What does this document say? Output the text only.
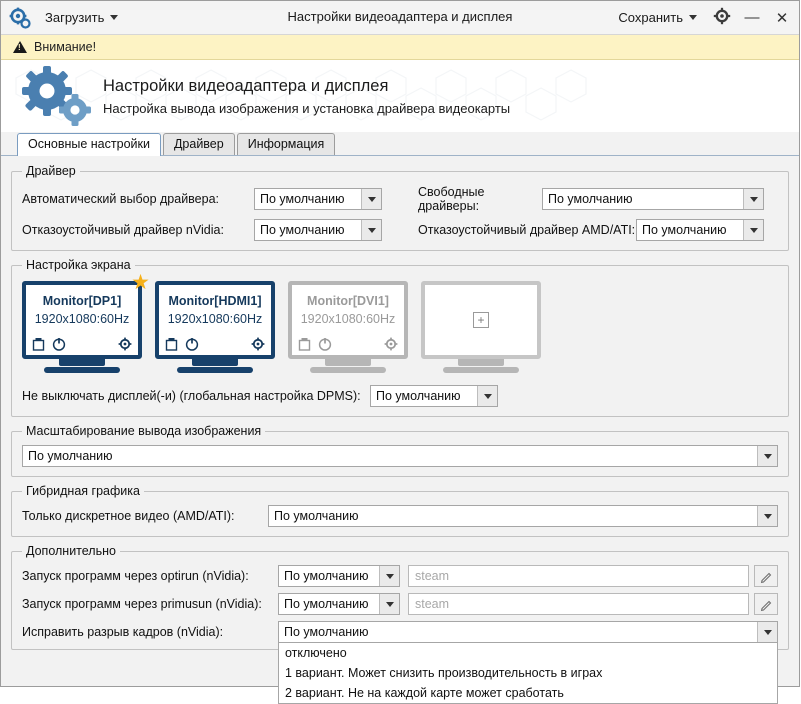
Загрузить	Настройки видеоадаптера и дисплея	Сохранить	— ✕
!
Внимание!
Настройки видеоадаптера и дисплея
Настройка вывода изображения и установка драйвера видеокарты
Основные настройки	Драйвер	Информация
Драйвер
Автоматический выбор драйвера:	По умолчанию	Свободные драйверы:	По умолчанию
Отказоустойчивый драйвер nVidia:	По умолчанию	Отказоустойчивый драйвер AMD/ATI: По умолчанию
Настройка экрана
★
Monitor[DP1]
1920x1080:60Hz
Monitor[HDMI1]
1920x1080:60Hz
Monitor[DVI1]
1920x1080:60Hz	+
Не выключать дисплей(-и) (глобальная настройка DPMS):	По умолчанию
Масштабирование вывода изображения
По умолчанию
Гибридная графика
Только дискретное видео (AMD/ATI):	По умолчанию
Дополнительно
Запуск программ через optirun (nVidia):	По умолчанию	steam
Запуск программ через primusun (nVidia):	По умолчанию	steam
Исправить разрыв кадров (nVidia):	По умолчанию
отключено
1 вариант. Может снизить производительность в играх
2 вариант. Не на каждой карте может сработать
